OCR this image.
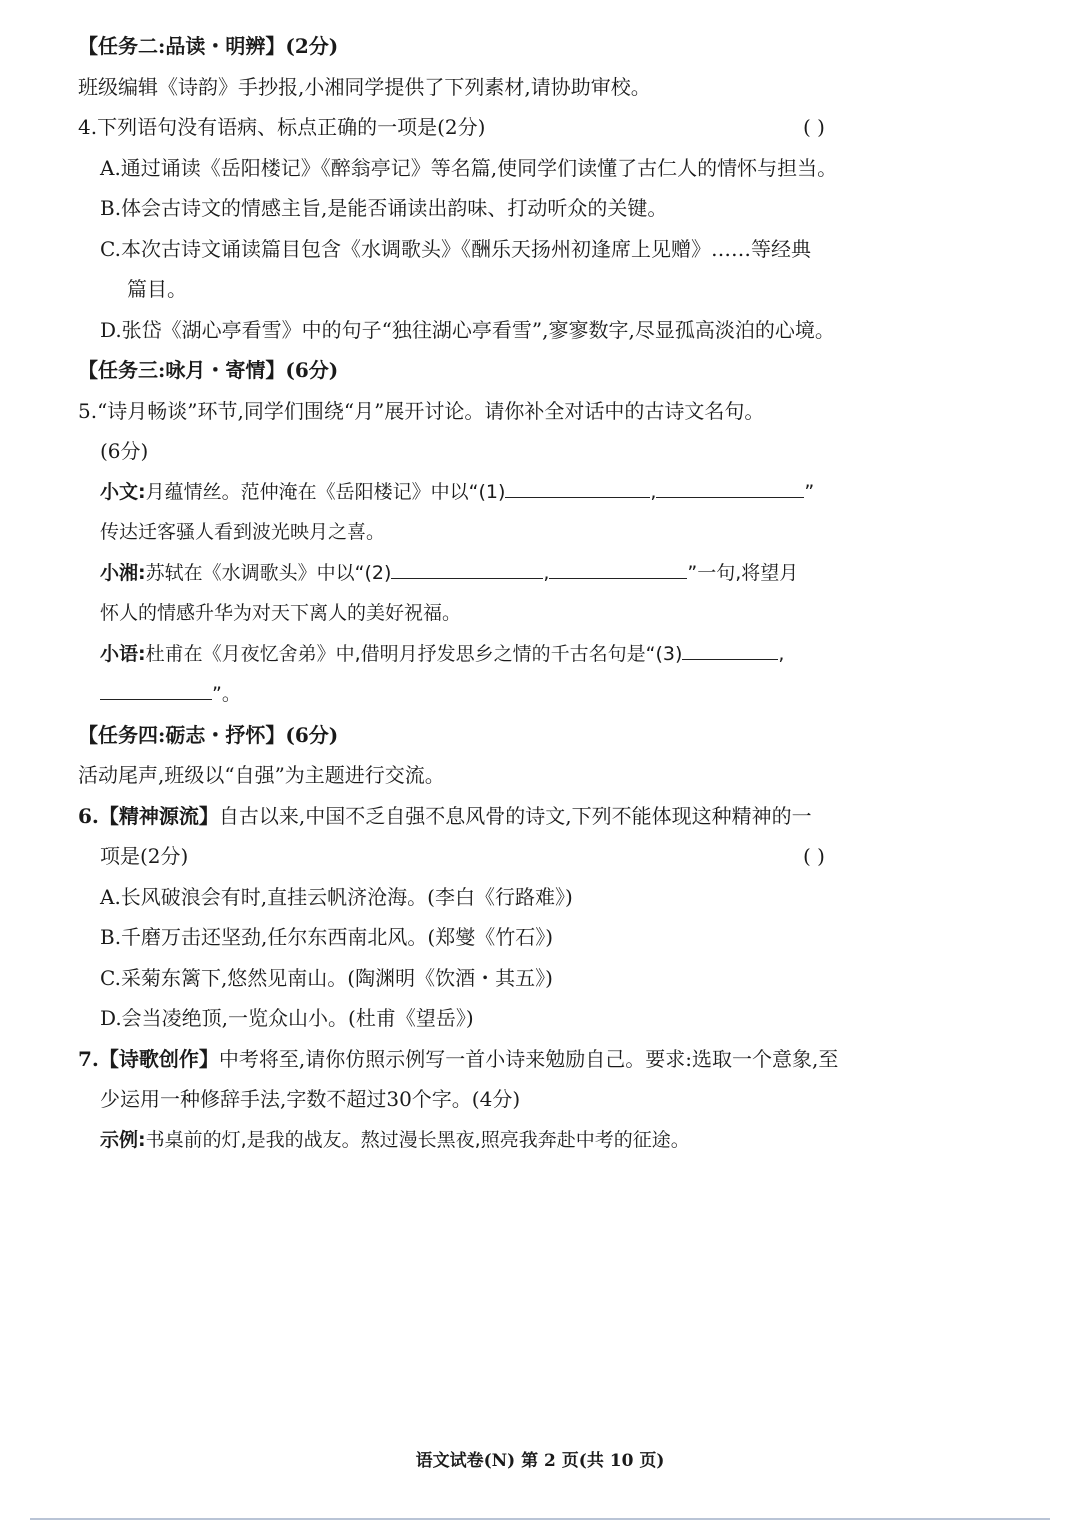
【任务二:品读・明辨】(2分)
班级编辑《诗韵》手抄报,小湘同学提供了下列素材,请协助审校。
4.下列语句没有语病、标点正确的一项是(2分)	( )
A.通过诵读《岳阳楼记》《醉翁亭记》等名篇,使同学们读懂了古仁人的情怀与担当。
B.体会古诗文的情感主旨,是能否诵读出韵味、打动听众的关键。
C.本次古诗文诵读篇目包含《水调歌头》《酬乐天扬州初逢席上见赠》……等经典
篇目。
D.张岱《湖心亭看雪》中的句子“独往湖心亭看雪”,寥寥数字,尽显孤高淡泊的心境。
【任务三:咏月・寄情】(6分)
5.“诗月畅谈”环节,同学们围绕“月”展开讨论。请你补全对话中的古诗文名句。
(6分)
小文:月蕴情丝。范仲淹在《岳阳楼记》中以“(1)	,	”
传达迁客骚人看到波光映月之喜。
小湘:苏轼在《水调歌头》中以“(2)	,	”一句,将望月
怀人的情感升华为对天下离人的美好祝福。
小语:杜甫在《月夜忆舍弟》中,借明月抒发思乡之情的千古名句是“(3)	,
”。
【任务四:砺志・抒怀】(6分)
活动尾声,班级以“自强”为主题进行交流。
6.【精神源流】自古以来,中国不乏自强不息风骨的诗文,下列不能体现这种精神的一
项是(2分)	( )
A.长风破浪会有时,直挂云帆济沧海。(李白《行路难》)
B.千磨万击还坚劲,任尔东西南北风。(郑燮《竹石》)
C.采菊东篱下,悠然见南山。(陶渊明《饮酒・其五》)
D.会当凌绝顶,一览众山小。(杜甫《望岳》)
7.【诗歌创作】中考将至,请你仿照示例写一首小诗来勉励自己。要求:选取一个意象,至
少运用一种修辞手法,字数不超过30个字。(4分)
示例:书桌前的灯,是我的战友。熬过漫长黑夜,照亮我奔赴中考的征途。
语文试卷(N) 第 2 页(共 10 页)
